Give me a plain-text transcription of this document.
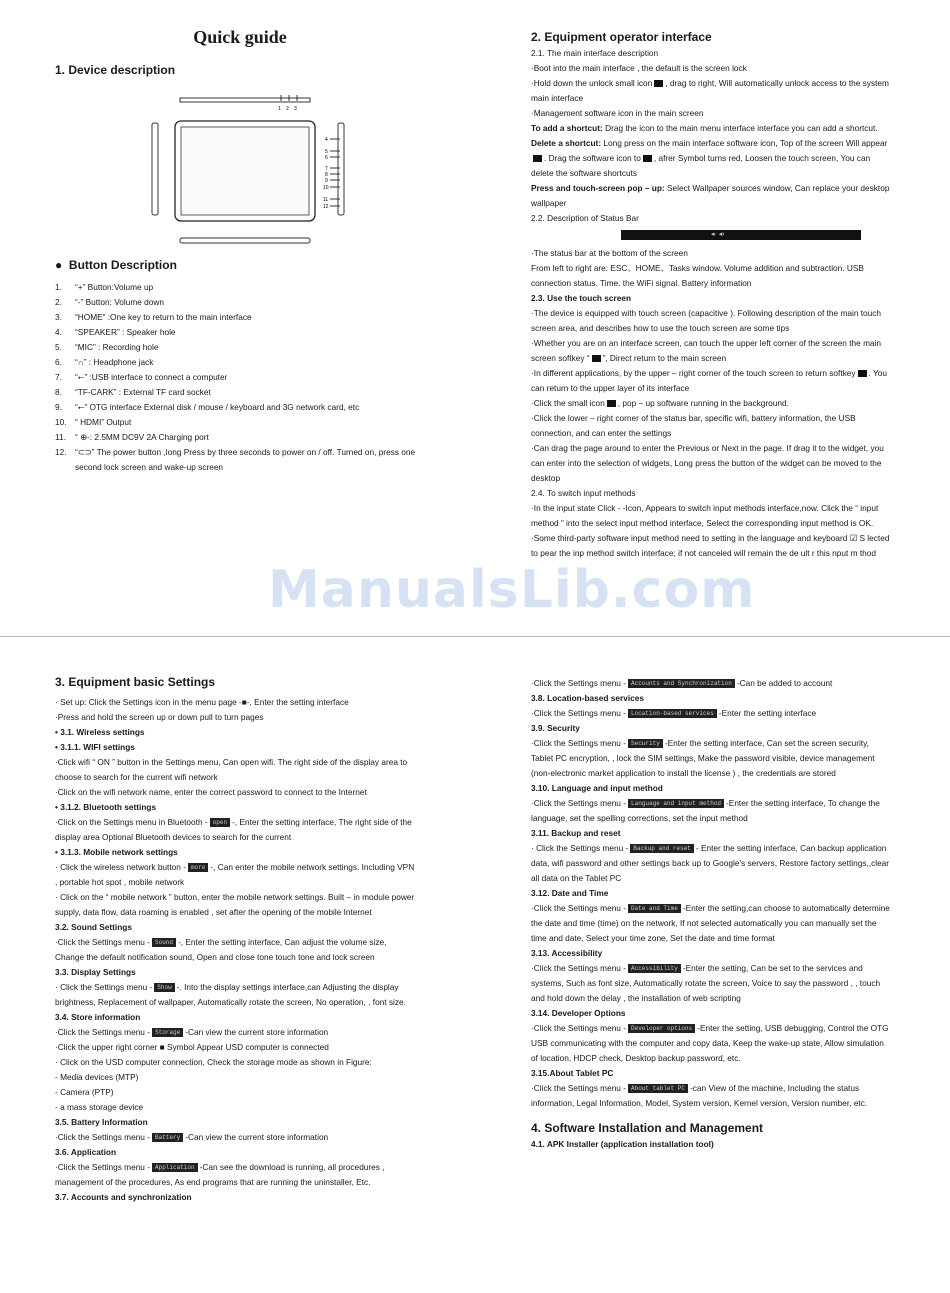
ManualsLib.com
Quick guide
1. Device description
1 2 3
4
5
6
7
8
9
10
11
12
●  Button Description

1. “+” Button:Volume up

2. “-” Button: Volume down

3. “HOME” :One key to return to the main interface

4. “SPEAKER” : Speaker hole

5. “MIC” : Recording hole

6. “∩” : Headphone jack

7. “⭠” :USB interface to connect a computer

8. “TF-CARK” : External TF card socket

9. “⭠” OTG interface External disk / mouse / keyboard and 3G network card, etc

10. “ HDMI” Output

11. “ ⊕-: 2.5MM DC9V 2A Charging port

12. “⊂⊃” The power button ,long Press by three seconds to power on / off. Turned on, press one second lock screen and wake-up screen

2. Equipment operator interface

2.1. The main interface description

·Boot into the main interface , the default is the screen lock

·Hold down the unlock small icon , drag to right, Will automatically unlock access to the system main interface

·Management software icon in the main screen

To add a shortcut: Drag the icon to the main menu interface interface you can add a shortcut.

Delete a shortcut: Long press on the main interface software icon, Top of the screen Will appear. Drag the software icon to , afrer Symbol turns red, Loosen the touch screen, You can delete the software shortcuts

Press and touch-screen pop – up: Select Wallpaper sources window, Can replace your desktop wallpaper

2.2. Description of Status Bar

◂· ◂›

·The status bar at the bottom of the screen

From left to right are: ESC、HOME、Tasks window. Volume addition and subtraction. USB connection status. Time. the WiFi signal. Battery information

2.3. Use the touch screen

·The device is equipped with touch screen (capacitive ). Following description of the main touch screen area, and describes how to use the touch screen are some tips

·Whether you are on an interface screen, can touch the upper left corner of the screen the main screen softkey “ ”, Direct return to the main screen

·In different applications, by the upper – right corner of the touch screen to return softkey . You can return to the upper layer of its interface

·Click the small icon , pop – up software running in the background.

·Click the lower – right corner of the status bar, specific wifi, battery information, the USB connection, and can enter the settings

·Can drag the page around to enter the Previous or Next in the page. If drag it to the widget, you can enter into the selection of widgets, Long press the button of the widget can be moved to the desktop

2.4. To switch input methods

·In the input state Click - -Icon, Appears to switch input methods interface,now. Click the “ input method ” into the select input method interface, Select the corresponding input method is OK.

·Some third-party software input method need to setting in the language and keyboard ☑ S lected to pear the inp method switch interface; if not canceled will remain the de ult r this nput m thod

3. Equipment basic Settings

· Set up: Click the Settings icon in the menu page -■-, Enter the setting interface

·Press and hold the screen up or down pull to turn pages

• 3.1. Wireless settings

• 3.1.1. WIFI settings

·Click wifi “ ON ” button in the Settings menu, Can open wifi. The right side of the display area to choose to search for the current wifi network

·Click on the wifi network name, enter the correct password to connect to the Internet

• 3.1.2. Bluetooth settings

·Click on the Settings menu in Bluetooth - open -, Enter the setting interface, The right side of the display area Optional Bluetooth devices to search for the current

• 3.1.3. Mobile network settings

· Click the wireless network button - more -, Can enter the mobile network settings. Including VPN , portable hot spot , mobile network

· Click on the “ mobile network ” button, enter the mobile network settings. Built – in module power supply, data flow, data roaming is enabled , set after the opening of the mobile Internet

3.2. Sound Settings

·Click the Settings menu - Sound -, Enter the setting interface, Can adjust the volume size, Change the default notification sound, Open and close tone touch tone and lock screen

3.3. Display Settings

· Click the Settings menu - Show -. Into the display settings interface,can Adjusting the display brightness, Replacement of wallpaper, Automatically rotate the screen, No operation, , font size.

3.4. Store information

·Click the Settings menu - Storage -Can view the current store information

·Click the upper right corner ■ Symbol Appear USD computer is connected

· Click on the USD computer connection, Check the storage mode as shown in Figure:

- Media devices (MTP)

- Camera (PTP)

- a mass storage device

3.5. Battery Information

·Click the Settings menu - Battery -Can view the current store information

3.6. Application

·Click the Settings menu - Application -Can see the download is running, all procedures , management of the procedures, As end programs that are running the uninstaller, Etc.

3.7. Accounts and synchronization

·Click the Settings menu - Accounts and Synchronization -Can be added to account

3.8. Location-based services

·Click the Settings menu - Location-based services -Enter the setting interface

3.9. Security

·Click the Settings menu - Security -Enter the setting interface, Can set the screen security, Tablet PC encryption, , lock the SIM settings, Make the password visible, device management (non-electronic market application to install the license ) , the credentials are stored

3.10. Language and input method

·Click the Settings menu - Language and input method -Enter the setting interface, To change the language, set the spelling corrections, set the input method

3.11. Backup and reset

· Click the Settings menu - Backup and reset - Enter the setting interface, Can backup application data, wifi password and other settings back up to Google's servers, Restore factory settings,,clear all data on the Tablet PC

3.12. Date and Time

·Click the Settings menu - Date and Time -Enter the setting,can choose to automatically determine the date and time (time) on the network, If not selected automatically you can manually set the time and date, Select your time zone, Set the date and time format

3.13. Accessibility

·Click the Settings menu - Accessibility -Enter the setting, Can be set to the services and systems, Such as font size, Automatically rotate the screen, Voice to say the password , , touch and hold down the delay , the installation of web scripting

3.14. Developer Options

·Click the Settings menu - Developer options -Enter the setting, USB debugging, Control the OTG USB communicating with the computer and copy data, Keep the wake-up state, Allow simulation of location, HDCP check, Desktop backup password, etc.

3.15.About Tablet PC

·Click the Settings menu - About tablet PC -can View of the machine, Including the status information, Legal Information, Model, System version, Kernel version, Version number, etc.

4. Software Installation and Management

4.1. APK Installer (application installation tool)
